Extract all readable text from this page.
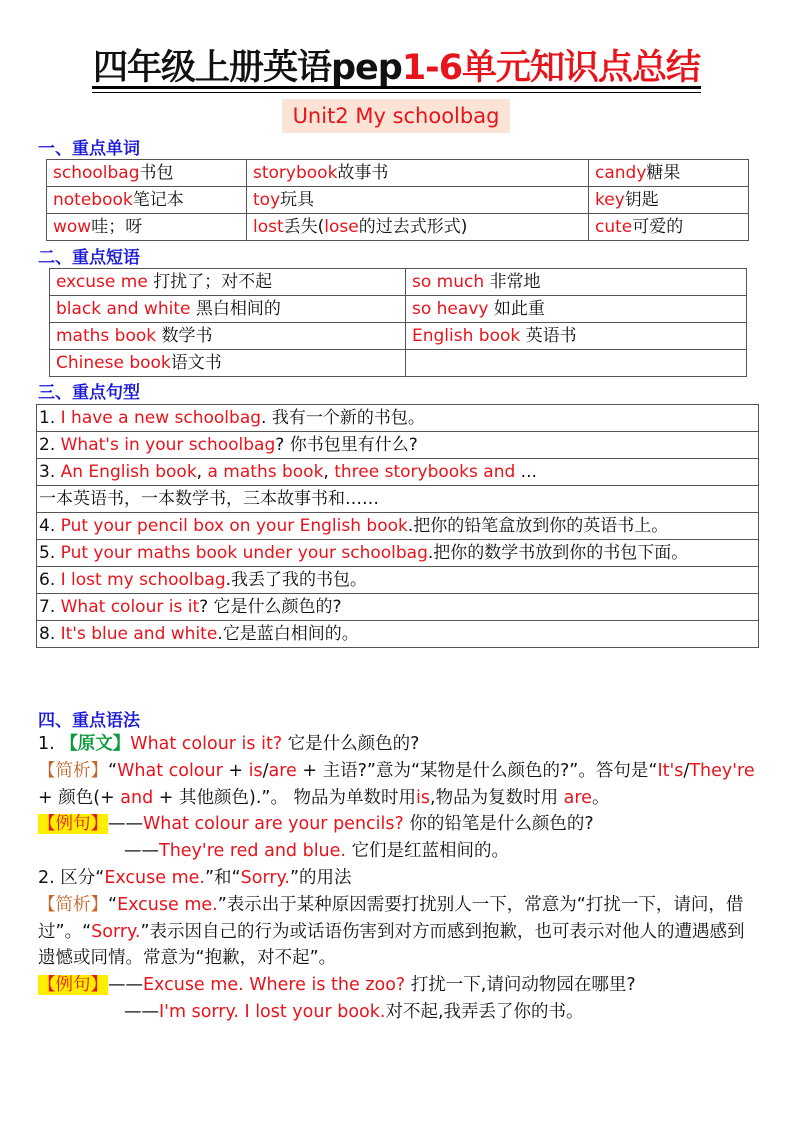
四年级上册英语pep1-6单元知识点总结
Unit2 My schoolbag
一、重点单词
schoolbag书包	storybook故事书	candy糖果
notebook笔记本	toy玩具	key钥匙
wow哇；呀	lost丢失(lose的过去式形式)	cute可爱的
二、重点短语
excuse me 打扰了；对不起	so much 非常地
black and white 黑白相间的	so heavy 如此重
maths book 数学书	English book 英语书
Chinese book语文书	
三、重点句型
1. I have a new schoolbag. 我有一个新的书包。
2. What's in your schoolbag? 你书包里有什么?
3. An English book, a maths book, three storybooks and ...
一本英语书，一本数学书，三本故事书和……
4. Put your pencil box on your English book.把你的铅笔盒放到你的英语书上。
5. Put your maths book under your schoolbag.把你的数学书放到你的书包下面。
6. I lost my schoolbag.我丢了我的书包。
7. What colour is it? 它是什么颜色的?
8. It's blue and white.它是蓝白相间的。
四、重点语法
1. 【原文】What colour is it? 它是什么颜色的?
【简析】“What colour + is/are + 主语?”意为“某物是什么颜色的?”。答句是“It's/They're + 颜色(+ and + 其他颜色).”。 物品为单数时用is,物品为复数时用 are。
【例句】——What colour are your pencils? 你的铅笔是什么颜色的?
——They're red and blue. 它们是红蓝相间的。
2. 区分“Excuse me.”和“Sorry.”的用法
【简析】“Excuse me.”表示出于某种原因需要打扰别人一下，常意为“打扰一下，请问，借过”。“Sorry.”表示因自己的行为或话语伤害到对方而感到抱歉，也可表示对他人的遭遇感到遗憾或同情。常意为“抱歉，对不起”。
【例句】——Excuse me. Where is the zoo? 打扰一下,请问动物园在哪里?
——I'm sorry. I lost your book.对不起,我弄丢了你的书。
